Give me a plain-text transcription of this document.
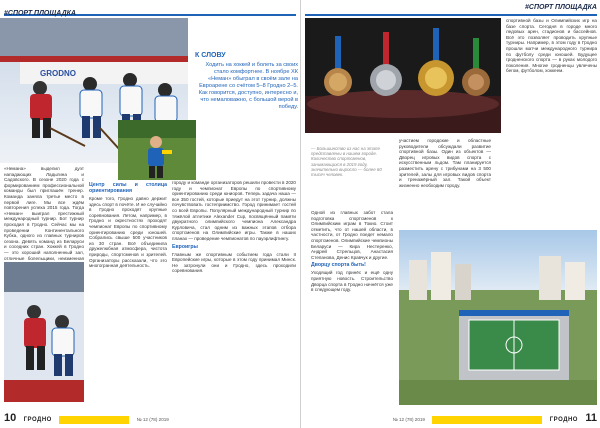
#СПОРТ ПЛОЩАДКА
GRODNO
К СЛОВУ
Ходить на хоккей и болеть за своих стало комфортнее. В ноябре ХК «Неман» обыграл в своём зале на Евроарене со счётом 5–8 Гродно 2–5. Как говорится, доступно, интересно и, что немаловажно, с большой верой в победу.
«Немана» выделил дуэт нападающих Ладыгина и Садовского. В сезоне 2020 года с формированием профессиональной команды был приглашён тренер. Команда заняла третье место в первой лиге. Мы все ждём повторения успеха 2015 года. Тогда «Неман» выиграл престижный международный турнир. Бот турнир проходил в Гродно. Сейчас мы на проведении Континентального Кубка, одного из главных турниров сезона. Девять команд из Беларуси и соседних стран. Хоккей в Гродно — это хороший наполненный зал, отличные болельщики, неизменная
Центр силы и столица ориентирования
Кроме того, Гродно давно держит здесь спорт в почёте. И не случайно в Гродно проходят крупные соревнования. Летом, например, в Гродно и окрестностях проходят чемпионат Европы по спортивному ориентированию среди юношей. Собрались свыше 500 участников из 30 стран. Всё объединила дружелюбная атмосфера, чистота природы, спортсменов и зрителей. Организаторы рассказали, что это многогранная деятельность.
городу и команде организаторов решили провести в 2020 году и чемпионат Европы по спортивному ориентированию среди юниоров. Теперь задача наша — все 350 гостей, которые приедут на этот турнир, должны почувствовать гостеприимство. Город принимает гостей со всей Европы. Популярный международный турнир по тяжёлой атлетике Alexander Cup, посвящённый памяти двукратного олимпийского чемпиона Александра Курловича, стал одним из важных этапов отбора спортсменов на Олимпийские игры. Также в наших планах — проведение чемпионатов по пауэрлифтингу.
Евроигры
Главным же спортивным событием года стали II Европейские игры, которые в этом году принимал Минск. Не затронули они и Гродно, здесь проходили соревнования.
10 ГРОДНО	№ 12 (78) 2019
#СПОРТ ПЛОЩАДКА
— Большинство из нас на этапе представлены в нашем городе. Количество спортсменов, занимающихся в 2019 году, значительно выросло — более 60 тысяч человек.
Одной из главных забот стала подготовка спортсменов к Олимпийским играм в Токио. Стоит отметить, что от нашей области, в частности, от Гродно поедет немало спортсменов. Олимпийские чемпионы Беларуси — Кира Нестеренко, Андрей Стрельцов, Анастасия Степанова, Денис Кравчук и другие.
Дворцу спорта быть!
Уходящий год принёс и ещё одну приятную новость. Строительство Дворца спорта в Гродно начнётся уже в следующем году.
участием городские и областные руководители обсуждали развитие спортивной базы. Один из объектов — Дворец игровых видов спорта с искусственным льдом. Там планируется разместить арену с трибунами на 3 500 зрителей, залы для игровых видов спорта и тренажёрный зал. Такой объект жизненно необходим городу.
спортивной базы и Олимпийских игр на базе спорта. Сегодня в городе много ледовых арен, стадионов и бассейнов. Всё это позволяет проводить крупные турниры. Например, в этом году в Гродно прошли матчи международного турнира по футболу среди юношей. Будущее гродненского спорта — в руках молодого поколения. Многие гродненцы увлечены бегом, футболом, хоккеем.
№ 12 (78) 2019	ГРОДНО 11
